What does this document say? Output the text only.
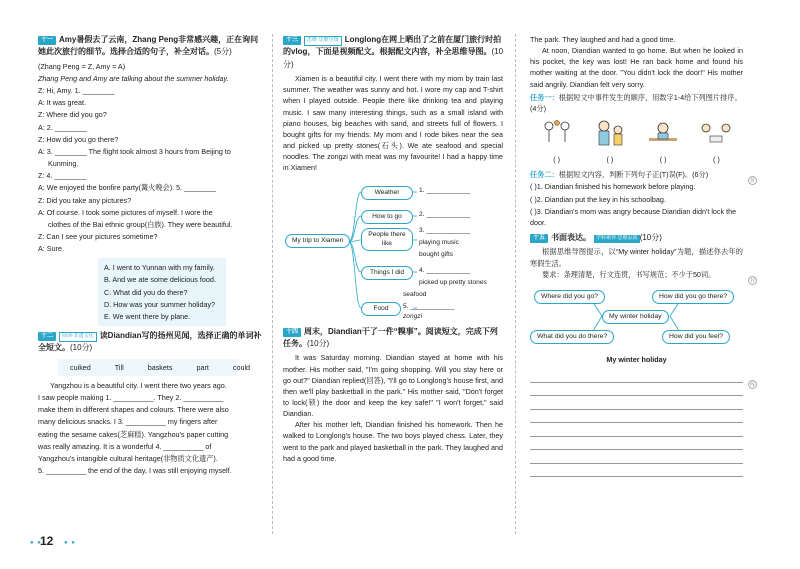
十一 Amy暑假去了云南，Zhang Peng非常感兴趣，正在询问她此次旅行的细节。选择合适的句子，补全对话。(5分)
(Zhang Peng = Z, Amy = A)
Zhang Peng and Amy are talking about the summer holiday.
Z: Hi, Amy. 1. ________
A: It was great.
Z: Where did you go?
A: 2. ________
Z: How did you go there?
A: 3. ________ The flight took almost 3 hours from Beijing to
Kunming.
Z: 4. ________
A: We enjoyed the bonfire party(篝火晚会). 5. ________
Z: Did you take any pictures?
A: Of course. I took some pictures of myself. I wore the
clothes of the Bai ethnic group(白族). They were beautiful.
Z: Can I see your pictures sometime?
A: Sure.
A. I went to Yunnan with my family.
B. And we ate some delicious food.
C. What did you do there?
D. How was your summer holiday?
E. We went there by plane.
十二 阅读·非遗文化 读Diandian写的扬州见闻，选择正确的单词补全短文。(10分)
cuiked	Till	baskets	part	could
Yangzhou is a beautiful city. I went there two years ago.
I saw people making 1. __________. They 2. __________
make them in different shapes and colours. There were also
many delicious snacks. I 3. __________ my fingers after
eating the sesame cakes(芝麻糕). Yangzhou's paper cutting
was really amazing. It is a wonderful 4. __________ of
Yangzhou's intangible cultural heritage(非物质文化遗产).
5. __________ the end of the day, I was still enjoying myself.
十三 思维·思维导图 Longlong在网上晒出了之前在厦门旅行时拍的vlog，下面是视频配文。根据配文内容，补全思维导图。(10分)
Xiamen is a beautiful city. I went there with my mom by train last summer. The weather was sunny and hot. I wore my cap and T-shirt when I played outside. People there like drinking tea and playing music. I saw many interesting things, such as a small island with piano houses, big beaches with sand, and streets full of flowers. I bought gifts for my friends. My mom and I rode bikes near the sea and picked up pretty stones(石头). We ate seafood and special noodles. The zongzi with meat was my favourite! I had a happy time in Xiamen!
My trip to Xiamen
Weather
How to go
People there like
Things I did
Food
1. ____________
2. ____________
3. ____________
playing music
bought gifts
4. ____________
picked up pretty stones
seafood
5. ____________
zongzi
十四 周末，Diandian干了一件“糗事”。阅读短文，完成下列任务。(10分)
It was Saturday morning. Diandian stayed at home with his mother. His mother said, "I'm going shopping. Will you stay here or go out?" Diandian replied(回答), "I'll go to Longlong's house first, and then we'll play basketball in the park." His mother said, "Don't forget to lock(锁) the door and keep the key safe!" "I won't forget," said Diandian.
After his mother left, Diandian finished his homework. Then he walked to Longlong's house. The two boys played chess. Later, they went to the park and played basketball in the park. They laughed and had a good time.
The park. They laughed and had a good time.
At noon, Diandian wanted to go home. But when he looked in his pocket, the key was lost! He ran back home and found his mother waiting at the door. "You didn't lock the door!" His mother said angrily. Diandian felt very sorry.
任务一：根据短文中事件发生的顺序，用数字1-4给下列图片排序。(4分)
( )	( )	( )	( )
任务二：根据短文内容，判断下列句子正(T)误(F)。(6分)
( )1. Diandian finished his homework before playing.
( )2. Diandian put the key in his schoolbag.
( )3. Diandian's mom was angry because Diandian didn't lock the door.
十五 书面表达。 学科素养·思维品质 (10分)
根据思维导图提示，以“My winter holiday”为题，描述你去年的寒假生活。
要求：条理清楚，行文连贯，书写规范；不少于50词。
My winter holiday
Where did you go?	How did you go there?
What did you do there?	How did you feel?
My winter holiday
折
封
线
● ●
12 ● ●
